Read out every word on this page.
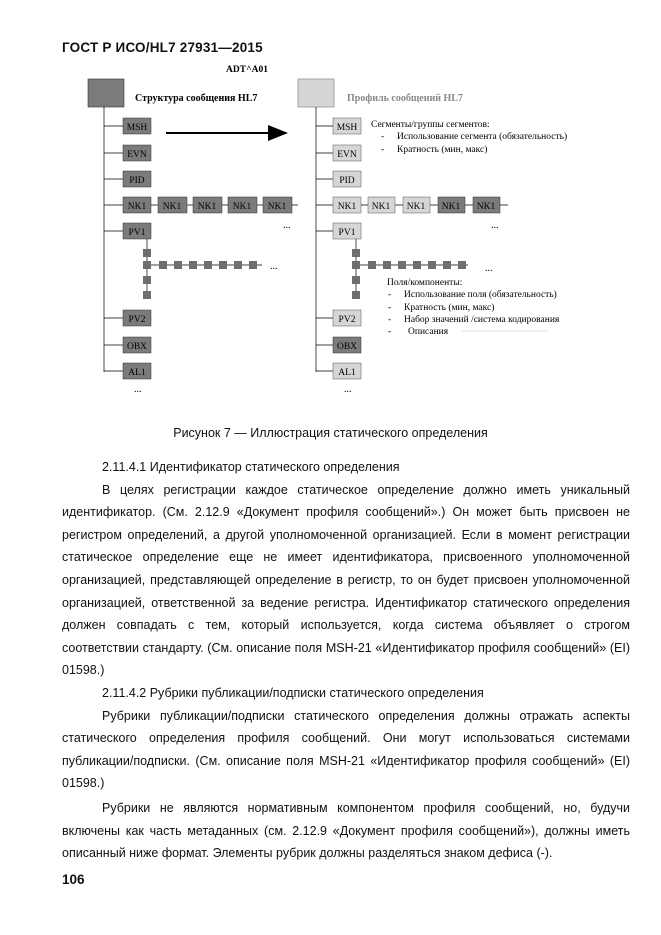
ГОСТ Р ИСО/HL7 27931—2015
ADT^A01
Структура сообщения HL7
MSH
EVN
PID
NK1
PV1
PV2
OBX
AL1
NK1 NK1 NK1 NK1
...
...
...
Профиль сообщений HL7
MSH
EVN
PID
NK1
PV1
PV2
OBX
AL1
NK1 NK1 NK1 NK1
...
...
...
Сегменты/группы сегментов:
- Использование сегмента (обязательность)
- Кратность (мин, макс)
Поля/компоненты:
- Использование поля (обязательность)
- Кратность (мин, макс)
- Набор значений /система кодирования
- Описания
Рисунок 7 — Иллюстрация статического определения

2.11.4.1 Идентификатор статического определения

В целях регистрации каждое статическое определение должно иметь уникальный идентификатор. (См. 2.12.9 «Документ профиля сообщений».) Он может быть присвоен не регистром определений, а другой уполномоченной организацией. Если в момент регистрации статическое определение еще не имеет идентификатора, присвоенного уполномоченной организацией, представляющей определение в регистр, то он будет присвоен уполномоченной организацией, ответственной за ведение регистра. Идентификатор статического определения должен совпадать с тем, который используется, когда система объявляет о строгом соответствии стандарту. (См. описание поля MSH-21 «Идентификатор профиля сообщений» (EI) 01598.)

2.11.4.2 Рубрики публикации/подписки статического определения

Рубрики публикации/подписки статического определения должны отражать аспекты статического определения профиля сообщений. Они могут использоваться системами публикации/подписки. (См. описание поля MSH-21 «Идентификатор профиля сообщений» (EI) 01598.)

Рубрики не являются нормативным компонентом профиля сообщений, но, будучи включены как часть метаданных (см. 2.12.9 «Документ профиля сообщений»), должны иметь описанный ниже формат. Элементы рубрик должны разделяться знаком дефиса (-).

106
